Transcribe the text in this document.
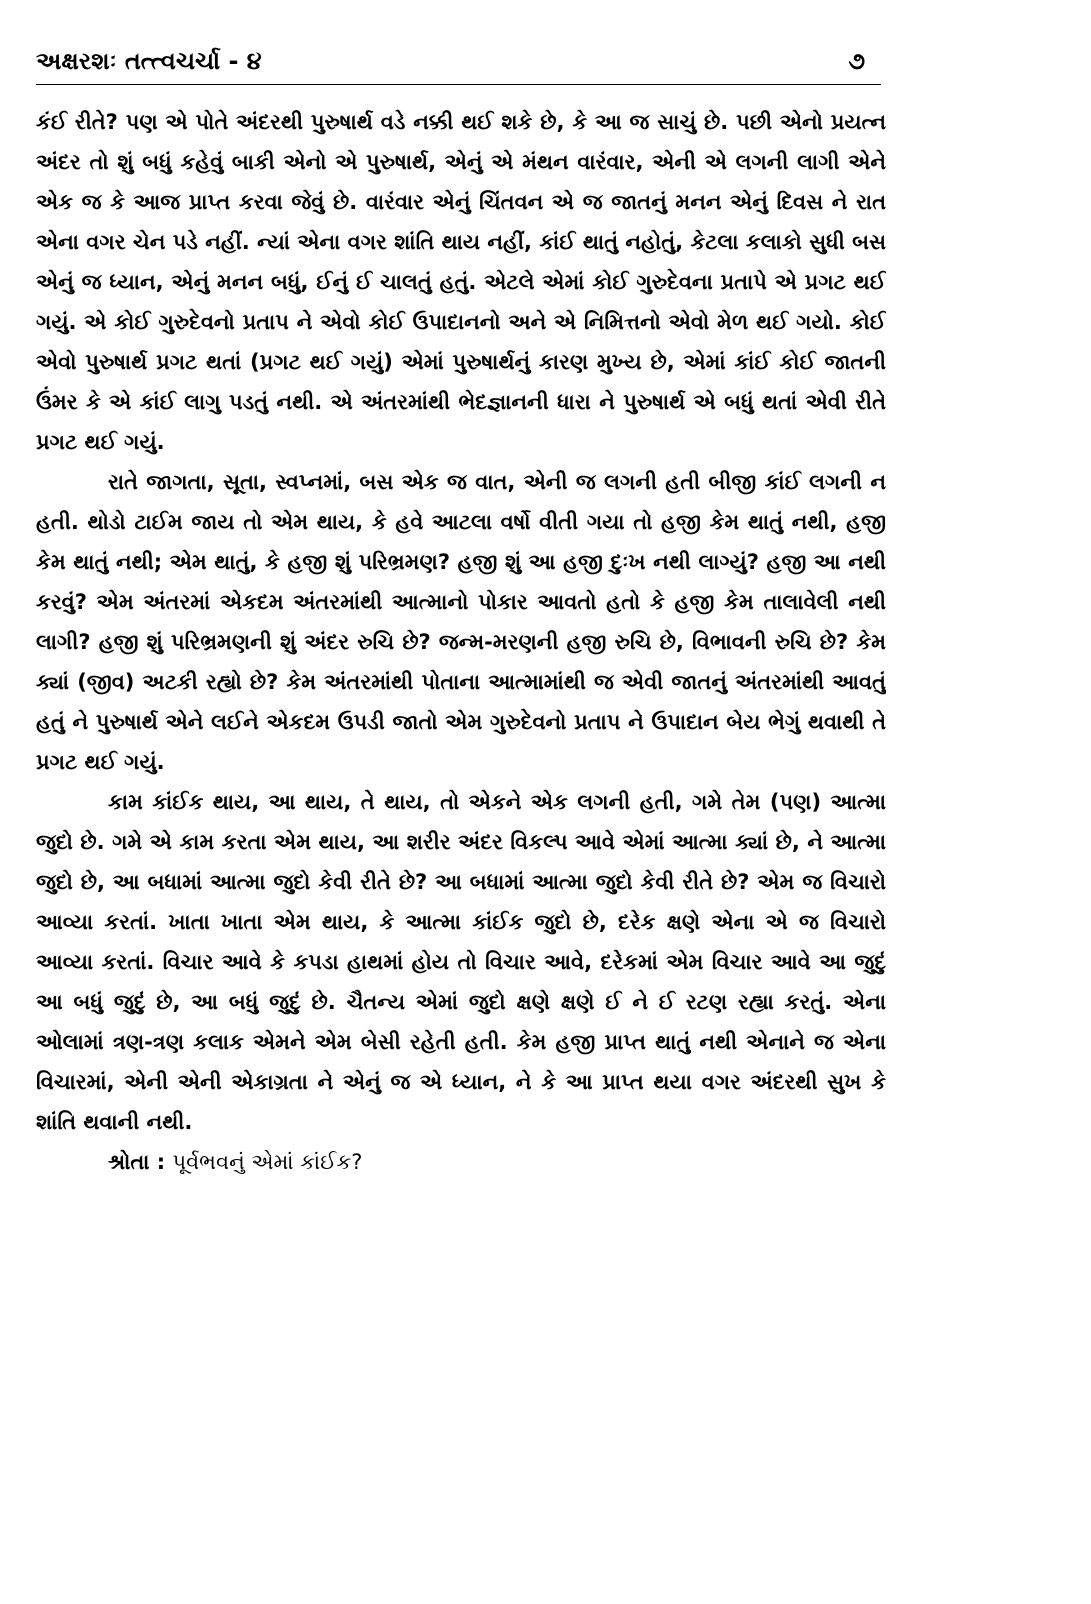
અક્ષરશઃ તત્ત્વચર્ચા - ૪	૭

કંઈ રીતે? પણ એ પોતે અંદરથી પુરુષાર્થ વડે નક્કી થઈ શકે છે, કે આ જ સાચું છે. પછી એનો પ્રયત્ન અંદર તો શું બધું કહેવું બાકી એનો એ પુરુષાર્થ, એનું એ મંથન વારંવાર, એની એ લગની લાગી એને એક જ કે આજ પ્રાપ્ત કરવા જેવું છે. વારંવાર એનું ચિંતવન એ જ જાતનું મનન એનું દિવસ ને રાત એના વગર ચેન પડે નહીં. ન્યાં એના વગર શાંતિ થાય નહીં, કાંઈ થાતું નહોતું, કેટલા કલાકો સુધી બસ એનું જ ધ્યાન, એનું મનન બધું, ઈનું ઈ ચાલતું હતું. એટલે એમાં કોઈ ગુરુદેવના પ્રતાપે એ પ્રગટ થઈ ગયું. એ કોઈ ગુરુદેવનો પ્રતાપ ને એવો કોઈ ઉપાદાનનો અને એ નિમિત્તનો એવો મેળ થઈ ગયો. કોઈ એવો પુરુષાર્થ પ્રગટ થતાં (પ્રગટ થઈ ગયું) એમાં પુરુષાર્થનું કારણ મુખ્ય છે, એમાં કાંઈ કોઈ જાતની ઉંમર કે એ કાંઈ લાગુ પડતું નથી. એ અંતરમાંથી ભેદજ્ઞાનની ધારા ને પુરુષાર્થ એ બધું થતાં એવી રીતે પ્રગટ થઈ ગયું.

રાતે જાગતા, સૂતા, સ્વપ્નમાં, બસ એક જ વાત, એની જ લગની હતી બીજી કાંઈ લગની ન હતી. થોડો ટાઈમ જાય તો એમ થાય, કે હવે આટલા વર્ષો વીતી ગયા તો હજી કેમ થાતું નથી, હજી કેમ થાતું નથી; એમ થાતું, કે હજી શું પરિભ્રમણ? હજી શું આ હજી દુઃખ નથી લાગ્યું? હજી આ નથી કરવું? એમ અંતરમાં એકદમ અંતરમાંથી આત્માનો પોકાર આવતો હતો કે હજી કેમ તાલાવેલી નથી લાગી? હજી શું પરિભ્રમણની શું અંદર રુચિ છે? જન્મ-મરણની હજી રુચિ છે, વિભાવની રુચિ છે? કેમ ક્યાં (જીવ) અટકી રહ્યો છે? કેમ અંતરમાંથી પોતાના આત્મામાંથી જ એવી જાતનું અંતરમાંથી આવતું હતું ને પુરુષાર્થ એને લઈને એકદમ ઉપડી જાતો એમ ગુરુદેવનો પ્રતાપ ને ઉપાદાન બેય ભેગું થવાથી તે પ્રગટ થઈ ગયું.

કામ કાંઈક થાય, આ થાય, તે થાય, તો એકને એક લગની હતી, ગમે તેમ (પણ) આત્મા જુદો છે. ગમે એ કામ કરતા એમ થાય, આ શરીર અંદર વિકલ્પ આવે એમાં આત્મા ક્યાં છે, ને આત્મા જુદો છે, આ બધામાં આત્મા જુદો કેવી રીતે છે? આ બધામાં આત્મા જુદો કેવી રીતે છે? એમ જ વિચારો આવ્યા કરતાં. ખાતા ખાતા એમ થાય, કે આત્મા કાંઈક જુદો છે, દરેક ક્ષણે એના એ જ વિચારો આવ્યા કરતાં. વિચાર આવે કે કપડા હાથમાં હોય તો વિચાર આવે, દરેકમાં એમ વિચાર આવે આ જુદું આ બધું જુદું છે, આ બધું જુદું છે. ચૈતન્ય એમાં જુદો ક્ષણે ક્ષણે ઈ ને ઈ રટણ રહ્યા કરતું. એના ઓલામાં ત્રણ-ત્રણ કલાક એમને એમ બેસી રહેતી હતી. કેમ હજી પ્રાપ્ત થાતું નથી એનાને જ એના વિચારમાં, એની એની એકાગ્રતા ને એનું જ એ ધ્યાન, ને કે આ પ્રાપ્ત થયા વગર અંદરથી સુખ કે શાંતિ થવાની નથી.

શ્રોતા : પૂર્વભવનું એમાં કાંઈક?
